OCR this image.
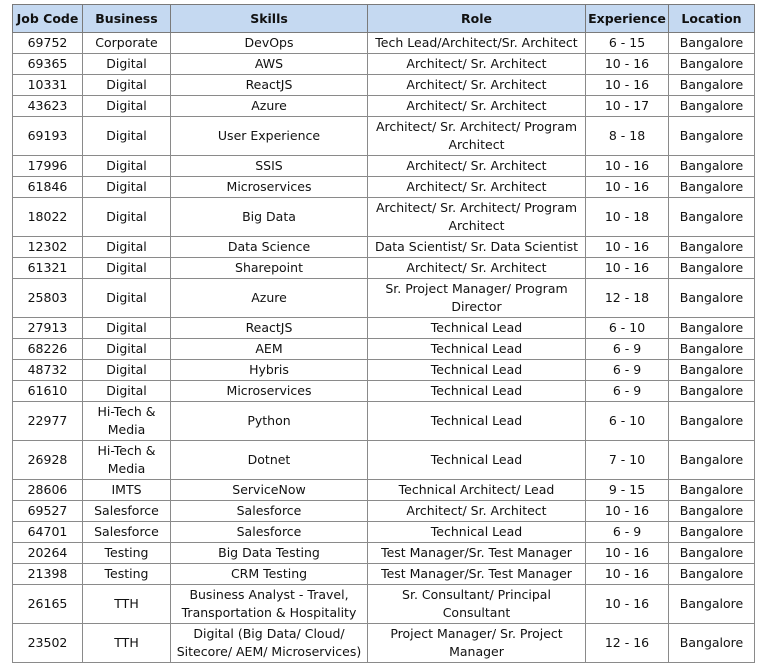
Job Code	Business	Skills	Role	Experience	Location
69752	Corporate	DevOps	Tech Lead/Architect/Sr. Architect	6 - 15	Bangalore
69365	Digital	AWS	Architect/ Sr. Architect	10 - 16	Bangalore
10331	Digital	ReactJS	Architect/ Sr. Architect	10 - 16	Bangalore
43623	Digital	Azure	Architect/ Sr. Architect	10 - 17	Bangalore
69193	Digital	User Experience	Architect/ Sr. Architect/ Program Architect	8 - 18	Bangalore
17996	Digital	SSIS	Architect/ Sr. Architect	10 - 16	Bangalore
61846	Digital	Microservices	Architect/ Sr. Architect	10 - 16	Bangalore
18022	Digital	Big Data	Architect/ Sr. Architect/ Program Architect	10 - 18	Bangalore
12302	Digital	Data Science	Data Scientist/ Sr. Data Scientist	10 - 16	Bangalore
61321	Digital	Sharepoint	Architect/ Sr. Architect	10 - 16	Bangalore
25803	Digital	Azure	Sr. Project Manager/ Program Director	12 - 18	Bangalore
27913	Digital	ReactJS	Technical Lead	6 - 10	Bangalore
68226	Digital	AEM	Technical Lead	6 - 9	Bangalore
48732	Digital	Hybris	Technical Lead	6 - 9	Bangalore
61610	Digital	Microservices	Technical Lead	6 - 9	Bangalore
22977	Hi-Tech & Media	Python	Technical Lead	6 - 10	Bangalore
26928	Hi-Tech & Media	Dotnet	Technical Lead	7 - 10	Bangalore
28606	IMTS	ServiceNow	Technical Architect/ Lead	9 - 15	Bangalore
69527	Salesforce	Salesforce	Architect/ Sr. Architect	10 - 16	Bangalore
64701	Salesforce	Salesforce	Technical Lead	6 - 9	Bangalore
20264	Testing	Big Data Testing	Test Manager/Sr. Test Manager	10 - 16	Bangalore
21398	Testing	CRM Testing	Test Manager/Sr. Test Manager	10 - 16	Bangalore
26165	TTH	Business Analyst - Travel, Transportation & Hospitality	Sr. Consultant/ Principal Consultant	10 - 16	Bangalore
23502	TTH	Digital (Big Data/ Cloud/ Sitecore/ AEM/ Microservices)	Project Manager/ Sr. Project Manager	12 - 16	Bangalore
